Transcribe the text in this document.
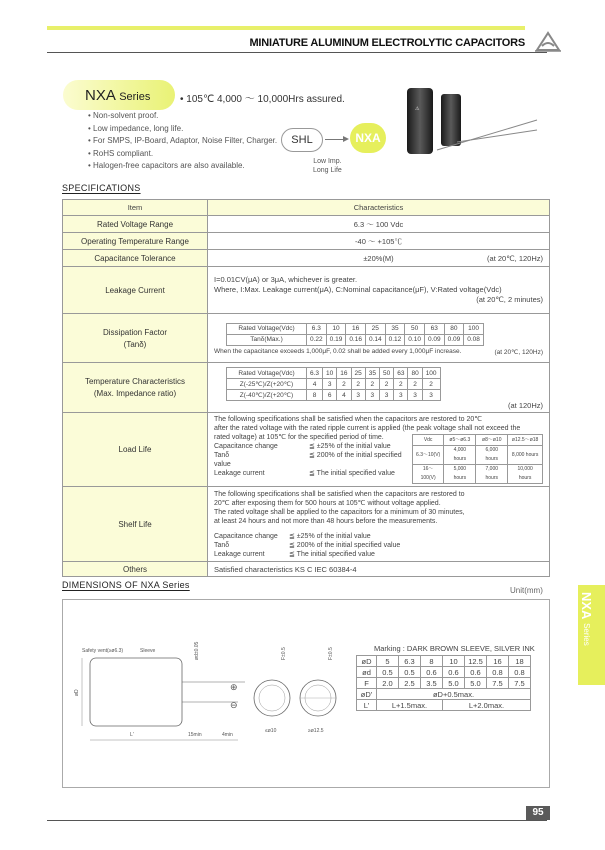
MINIATURE ALUMINUM ELECTROLYTIC CAPACITORS
NXA Series	• 105℃ 4,000 ～ 10,000Hrs assured.
• Non-solvent proof.
• Low impedance, long life.
• For SMPS, IP-Board, Adaptor, Noise Filter, Charger.
• RoHS compliant.
• Halogen-free capacitors are also available.
SHL	NXA
Low Imp.
Long Life
⚠
SPECIFICATIONS
Item	Characteristics
Rated Voltage Range	6.3 ～ 100 Vdc
Operating Temperature Range	-40 ～ +105℃
Capacitance Tolerance	±20%(M)	(at 20℃, 120Hz)

Leakage Current	
I=0.01CV(μA) or 3μA, whichever is greater.
Where, I:Max. Leakage current(μA), C:Nominal capacitance(μF), V:Rated voltage(Vdc)
(at 20℃, 2 minutes)

Dissipation Factor
(Tanδ)

Rated Voltage(Vdc)	6.3	10	16	25	35	50	63	80	100
Tanδ(Max.)	0.22	0.19	0.16	0.14	0.12	0.10	0.09	0.09	0.08
When the capacitance exceeds 1,000μF, 0.02 shall be added every 1,000μF increase.	(at 20℃, 120Hz)

Temperature Characteristics
(Max. Impedance ratio)

Rated Voltage(Vdc)	6.3	10	16	25	35	50	63	80	100
Z(-25℃)/Z(+20℃)	4	3	2	2	2	2	2	2	2
Z(-40℃)/Z(+20℃)	8	6	4	3	3	3	3	3	3
(at 120Hz)

Load Life	
The following specifications shall be satisfied when the capacitors are restored to 20℃
after the rated voltage with the rated ripple current is applied (the peak voltage shall not exceed the
rated voltage) at 105℃ for the specified period of time.
Capacitance change	≦ ±25% of the initial value
Tanδ	≦ 200% of the initial specified value
Leakage current	≦ The initial specified value
Vdc	ø5～ø6.3	ø8～ø10	ø12.5～ø18
6.3～10(V)	4,000 hours	6,000 hours	8,000 hours
16～100(V)	5,000 hours	7,000 hours	10,000 hours

Shelf Life	
The following specifications shall be satisfied when the capacitors are restored to
20℃ after exposing them for 500 hours at 105℃ without voltage applied.
The rated voltage shall be applied to the capacitors for a minimum of 30 minutes,
at least 24 hours and not more than 48 hours before the measurements.
Capacitance change ≦ ±25% of the initial value
Tanδ	≦ 200% of the initial specified value
Leakage current	≦ The initial specified value

Others	Satisfied characteristics KS C IEC 60384-4
DIMENSIONS OF NXA Series
Unit(mm)
Safety vent(≥ø6.3)	Sleeve	ød±0.05
øD
L'	15min	4min
⊕
⊖
F±0.5	F±0.5
≤ø10	≥ø12.5
Marking : DARK BROWN SLEEVE, SILVER INK
øD	5	6.3	8	10	12.5	16	18
ød	0.5	0.5	0.6	0.6	0.6	0.8	0.8
F	2.0	2.5	3.5	5.0	5.0	7.5	7.5
øD'	øD+0.5max.						
L'	L+1.5max.			L+2.0max.			
NXA Series
95
